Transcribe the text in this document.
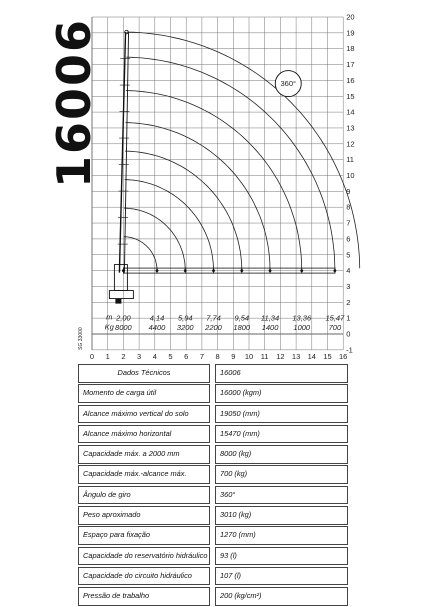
16006
0 1 2 3 4 5 6 7 8 9 10 11 12 13 14 15 16
-1
0
1
2
3
4
5
6
7
8
9
10
11
12
13
14
15
16
17
18
19
20
SG 33000
360°
m
Kg
2,00
8000
4,14
4400
5,94
3200
7,74
2200
9,54
1800
11,34
1400
13,36
1000
15,47
700
Dados Técnicos	16006
Momento de carga útil	16000 (kgm)
Alcance máximo vertical do solo	19050 (mm)
Alcance máximo horizontal	15470 (mm)
Capacidade máx. a 2000 mm	8000 (kg)
Capacidade máx.-alcance máx.	700 (kg)
Ângulo de giro	360°
Peso aproximado	3010 (kg)
Espaço para fixação	1270 (mm)
Capacidade do reservatório hidráulico	93 (l)
Capacidade do circuito hidráulico	107 (l)
Pressão de trabalho	200 (kg/cm²)
